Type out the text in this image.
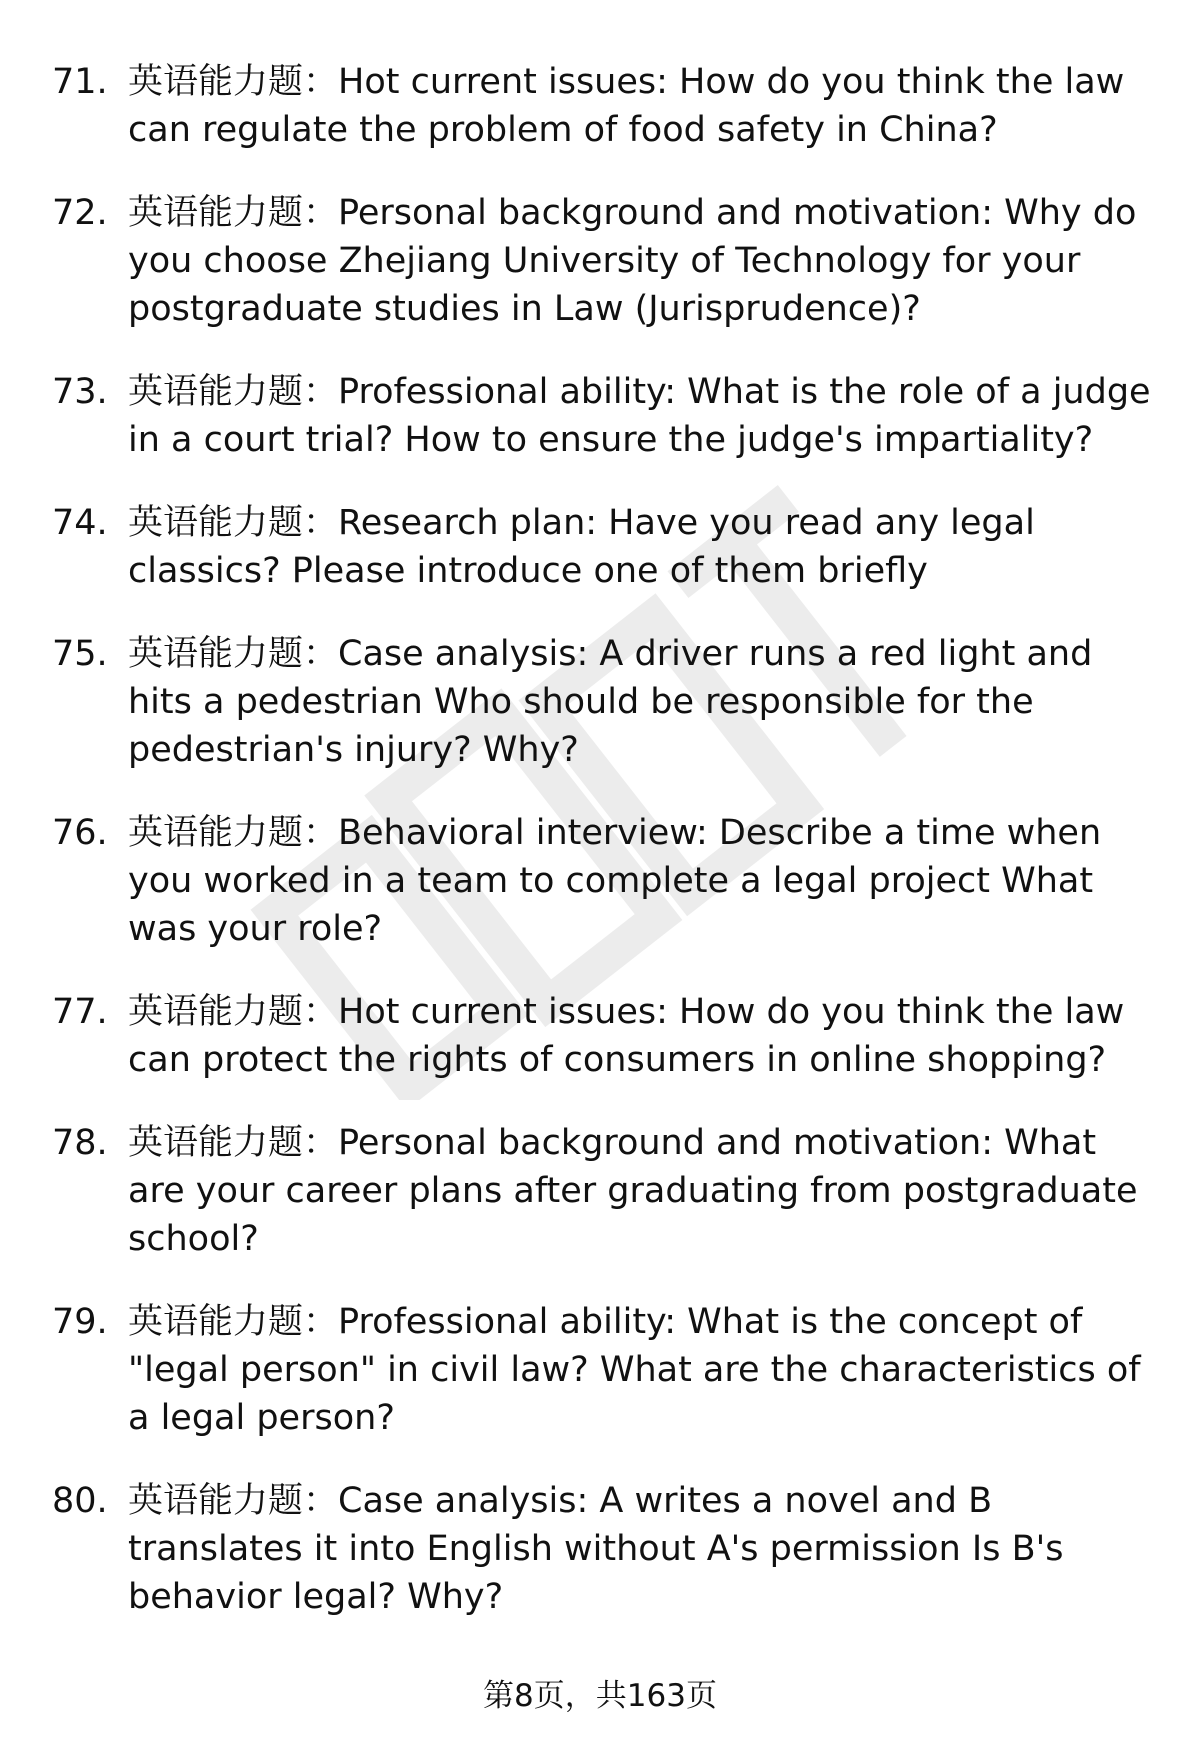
71. 英语能力题：Hot current issues: How do you think the law can regulate the problem of food safety in China?
72. 英语能力题：Personal background and motivation: Why do you choose Zhejiang University of Technology for your postgraduate studies in Law (Jurisprudence)?
73. 英语能力题：Professional ability: What is the role of a judge in a court trial? How to ensure the judge's impartiality?
74. 英语能力题：Research plan: Have you read any legal classics? Please introduce one of them briefly
75. 英语能力题：Case analysis: A driver runs a red light and hits a pedestrian Who should be responsible for the pedestrian's injury? Why?
76. 英语能力题：Behavioral interview: Describe a time when you worked in a team to complete a legal project What was your role?
77. 英语能力题：Hot current issues: How do you think the law can protect the rights of consumers in online shopping?
78. 英语能力题：Personal background and motivation: What are your career plans after graduating from postgraduate school?
79. 英语能力题：Professional ability: What is the concept of "legal person" in civil law? What are the characteristics of a legal person?
80. 英语能力题：Case analysis: A writes a novel and B translates it into English without A's permission Is B's behavior legal? Why?
第8页，共163页
